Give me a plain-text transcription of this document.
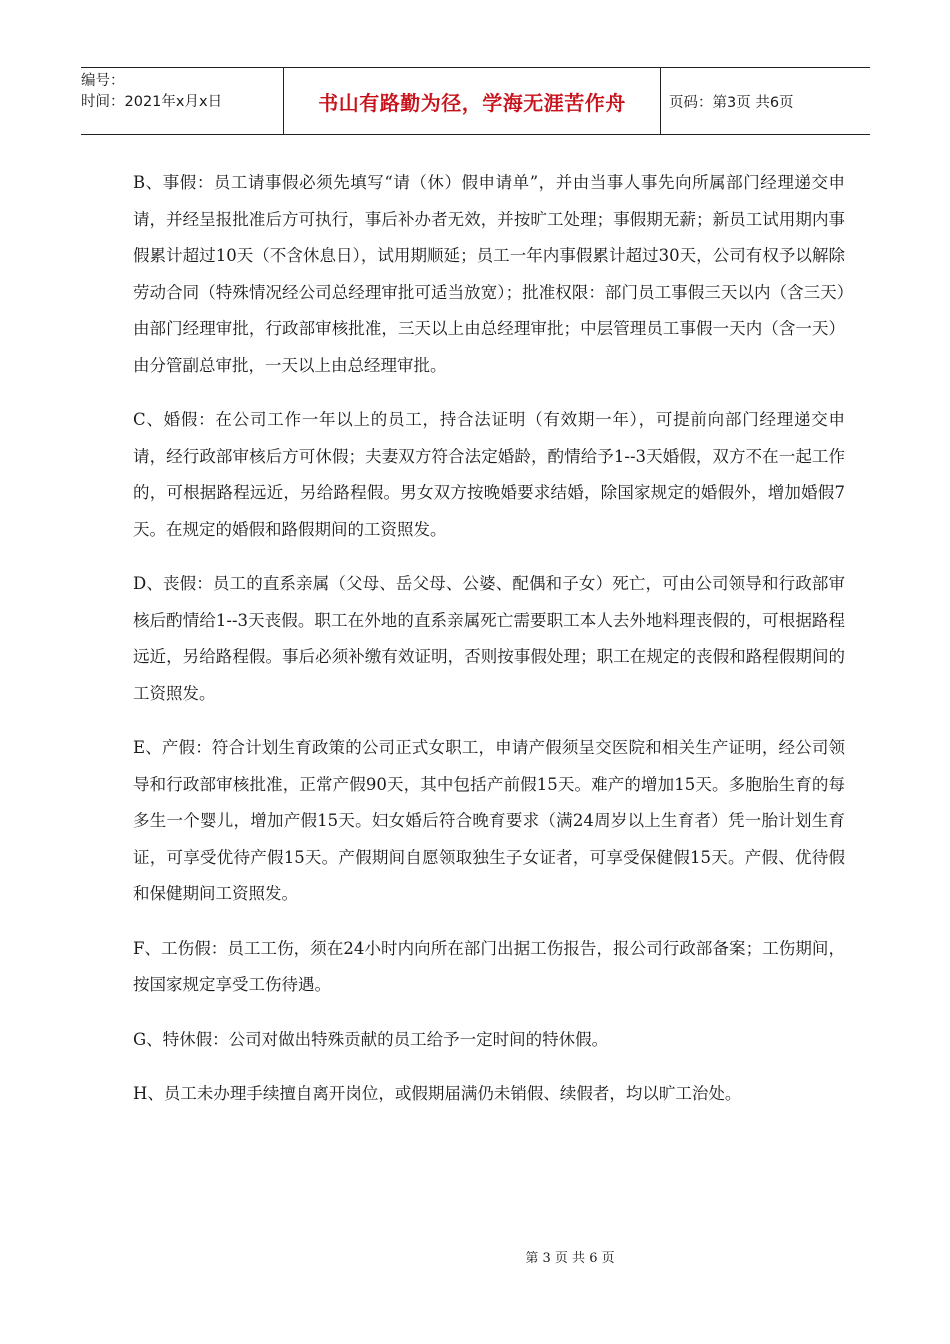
编号：
时间：2021年x月x日	书山有路勤为径，学海无涯苦作舟	页码：第3页 共6页

B、事假：员工请事假必须先填写“请（休）假申请单”，并由当事人事先向所属部门经理递交申请，并经呈报批准后方可执行，事后补办者无效，并按旷工处理；事假期无薪；新员工试用期内事假累计超过10天（不含休息日），试用期顺延；员工一年内事假累计超过30天，公司有权予以解除劳动合同（特殊情况经公司总经理审批可适当放宽）；批准权限：部门员工事假三天以内（含三天）由部门经理审批，行政部审核批准，三天以上由总经理审批；中层管理员工事假一天内（含一天）由分管副总审批，一天以上由总经理审批。

C、婚假：在公司工作一年以上的员工，持合法证明（有效期一年），可提前向部门经理递交申请，经行政部审核后方可休假；夫妻双方符合法定婚龄，酌情给予1--3天婚假，双方不在一起工作的，可根据路程远近，另给路程假。男女双方按晚婚要求结婚，除国家规定的婚假外，增加婚假7天。在规定的婚假和路假期间的工资照发。

D、丧假：员工的直系亲属（父母、岳父母、公婆、配偶和子女）死亡，可由公司领导和行政部审核后酌情给1--3天丧假。职工在外地的直系亲属死亡需要职工本人去外地料理丧假的，可根据路程远近，另给路程假。事后必须补缴有效证明，否则按事假处理；职工在规定的丧假和路程假期间的工资照发。

E、产假：符合计划生育政策的公司正式女职工，申请产假须呈交医院和相关生产证明，经公司领导和行政部审核批准，正常产假90天，其中包括产前假15天。难产的增加15天。多胞胎生育的每多生一个婴儿，增加产假15天。妇女婚后符合晚育要求（满24周岁以上生育者）凭一胎计划生育证，可享受优待产假15天。产假期间自愿领取独生子女证者，可享受保健假15天。产假、优待假和保健期间工资照发。

F、工伤假：员工工伤，须在24小时内向所在部门出据工伤报告，报公司行政部备案；工伤期间，按国家规定享受工伤待遇。

G、特休假：公司对做出特殊贡献的员工给予一定时间的特休假。

H、员工未办理手续擅自离开岗位，或假期届满仍未销假、续假者，均以旷工治处。

第 3 页 共 6 页
